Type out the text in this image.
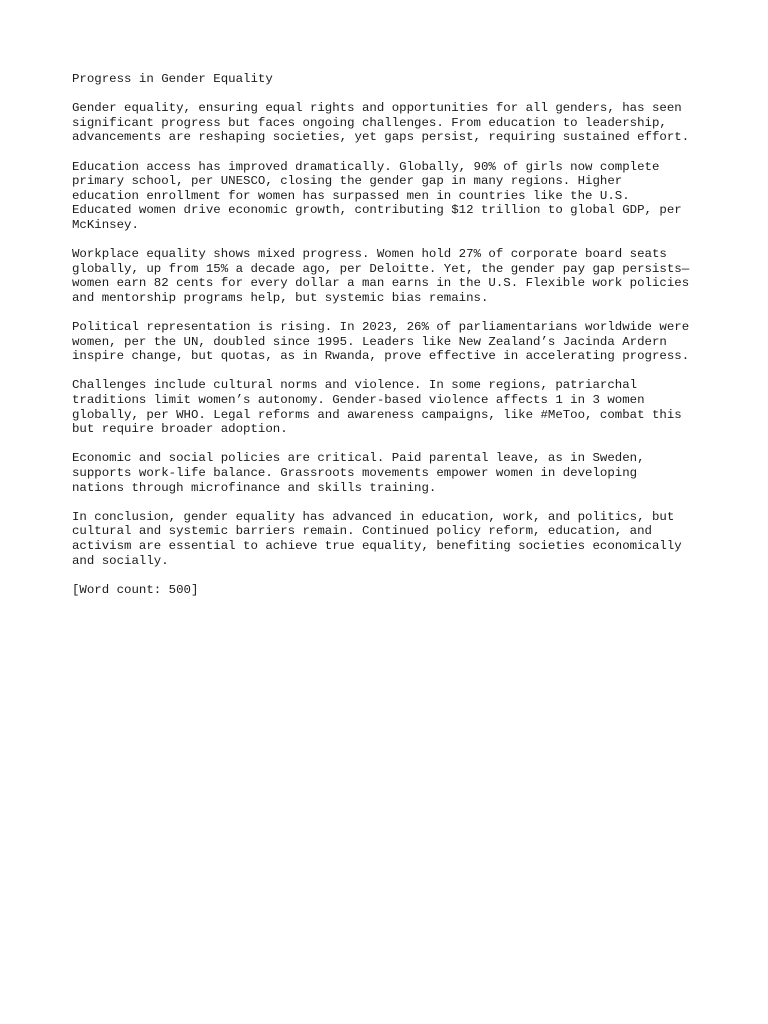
Progress in Gender Equality

Gender equality, ensuring equal rights and opportunities for all genders, has seen
significant progress but faces ongoing challenges. From education to leadership,
advancements are reshaping societies, yet gaps persist, requiring sustained effort.

Education access has improved dramatically. Globally, 90% of girls now complete
primary school, per UNESCO, closing the gender gap in many regions. Higher
education enrollment for women has surpassed men in countries like the U.S.
Educated women drive economic growth, contributing $12 trillion to global GDP, per
McKinsey.

Workplace equality shows mixed progress. Women hold 27% of corporate board seats
globally, up from 15% a decade ago, per Deloitte. Yet, the gender pay gap persists—
women earn 82 cents for every dollar a man earns in the U.S. Flexible work policies
and mentorship programs help, but systemic bias remains.

Political representation is rising. In 2023, 26% of parliamentarians worldwide were
women, per the UN, doubled since 1995. Leaders like New Zealand’s Jacinda Ardern
inspire change, but quotas, as in Rwanda, prove effective in accelerating progress.

Challenges include cultural norms and violence. In some regions, patriarchal
traditions limit women’s autonomy. Gender-based violence affects 1 in 3 women
globally, per WHO. Legal reforms and awareness campaigns, like #MeToo, combat this
but require broader adoption.

Economic and social policies are critical. Paid parental leave, as in Sweden,
supports work-life balance. Grassroots movements empower women in developing
nations through microfinance and skills training.

In conclusion, gender equality has advanced in education, work, and politics, but
cultural and systemic barriers remain. Continued policy reform, education, and
activism are essential to achieve true equality, benefiting societies economically
and socially.

[Word count: 500]
